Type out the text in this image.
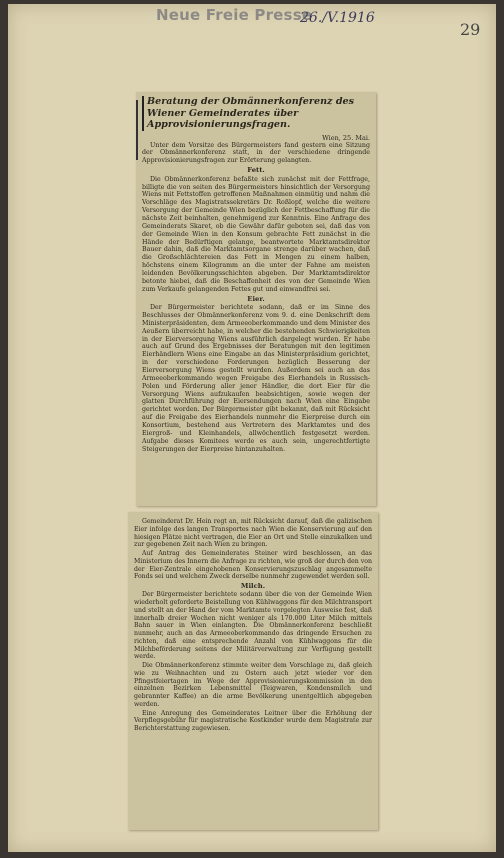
Neue Freie Presse
26./V.1916
29
Beratung der Obmännerkonferenz des Wiener Gemeinderates über Approvisionierungsfragen.
Wien, 25. Mai.

Unter dem Vorsitze des Bürgermeisters fand gestern eine Sitzung der Obmännerkonferenz statt, in der verschiedene dringende Approvisionierungsfragen zur Erörterung gelangten.

Fett.

Die Obmännerkonferenz befaßte sich zunächst mit der Fettfrage, billigte die von seiten des Bürgermeisters hinsichtlich der Versorgung Wiens mit Fettstoffen getroffenen Maßnahmen einmütig und nahm die Vorschläge des Magistratssekretärs Dr. Roßlopf, welche die weitere Versorgung der Gemeinde Wien bezüglich der Fettbeschaffung für die nächste Zeit beinhalten, genehmigend zur Kenntnis. Eine Anfrage des Gemeinderats Skaret, ob die Gewähr dafür geboten sei, daß das von der Gemeinde Wien in den Konsum gebrachte Fett zunächst in die Hände der Bedürftigen gelange, beantwortete Marktamtsdirektor Bauer dahin, daß die Marktamtsorgane strenge darüber wachen, daß die Großschlächtereien das Fett in Mengen zu einem halben, höchstens einem Kilogramm an die unter der Fahne am meisten leidenden Bevölkerungsschichten abgeben. Der Marktamtsdirektor betonte hiebei, daß die Beschaffenheit des von der Gemeinde Wien zum Verkaufe gelangenden Fettes gut und einwandfrei sei.

Eier.

Der Bürgermeister berichtete sodann, daß er im Sinne des Beschlusses der Obmännerkonferenz vom 9. d. eine Denkschrift dem Ministerpräsidenten, dem Armeeoberkommando und dem Minister des Aeußern überreicht habe, in welcher die bestehenden Schwierigkeiten in der Eierversorgung Wiens ausführlich dargelegt wurden. Er habe auch auf Grund des Ergebnisses der Beratungen mit den legitimen Eierhändlern Wiens eine Eingabe an das Ministerpräsidium gerichtet, in der verschiedene Forderungen bezüglich Besserung der Eierversorgung Wiens gestellt wurden. Außerdem sei auch an das Armeeoberkommando wegen Freigabe des Eierhandels in Russisch-Polen und Förderung aller jener Händler, die dort Eier für die Versorgung Wiens aufzukaufen beabsichtigen, sowie wegen der glatten Durchführung der Eiersendungen nach Wien eine Eingabe gerichtet worden. Der Bürgermeister gibt bekannt, daß mit Rücksicht auf die Freigabe des Eierhandels nunmehr die Eierpreise durch ein Konsortium, bestehend aus Vertretern des Marktamtes und des Eiergroß- und Kleinhandels, allwöchentlich festgesetzt werden. Aufgabe dieses Komitees werde es auch sein, ungerechtfertigte Steigerungen der Eierpreise hintanzuhalten.

Gemeinderat Dr. Hein regt an, mit Rücksicht darauf, daß die galizischen Eier infolge des langen Transportes nach Wien die Konservierung auf den hiesigen Plätze nicht vertragen, die Eier an Ort und Stelle einzukalken und zur gegebenen Zeit nach Wien zu bringen.

Auf Antrag des Gemeinderates Steiner wird beschlossen, an das Ministerium des Innern die Anfrage zu richten, wie groß der durch den von der Eier-Zentrale eingehobenen Konservierungszuschlag angesammelte Fonds sei und welchem Zweck derselbe nunmehr zugewendet werden soll.

Milch.

Der Bürgermeister berichtete sodann über die von der Gemeinde Wien wiederholt geforderte Beistellung von Kühlwaggons für den Milchtransport und stellt an der Hand der vom Marktamte vorgelegten Ausweise fest, daß innerhalb dreier Wochen nicht weniger als 170.000 Liter Milch mittels Bahn sauer in Wien einlangten. Die Obmännerkonferenz beschließt nunmehr, auch an das Armeeoberkommando das dringende Ersuchen zu richten, daß eine entsprechende Anzahl von Kühlwaggons für die Milchbeförderung seitens der Militärverwaltung zur Verfügung gestellt werde.

Die Obmännerkonferenz stimmte weiter dem Vorschlage zu, daß gleich wie zu Weihnachten und zu Ostern auch jetzt wieder vor den Pfingstfeiertagen im Wege der Approvisionierungskommission in den einzelnen Bezirken Lebensmittel (Teigwaren, Kondensmilch und gebrannter Kaffee) an die arme Bevölkerung unentgeltlich abgegeben werden.

Eine Anregung des Gemeinderates Leitner über die Erhöhung der Verpflegsgebühr für magistratische Kostkinder wurde dem Magistrate zur Berichterstattung zugewiesen.
